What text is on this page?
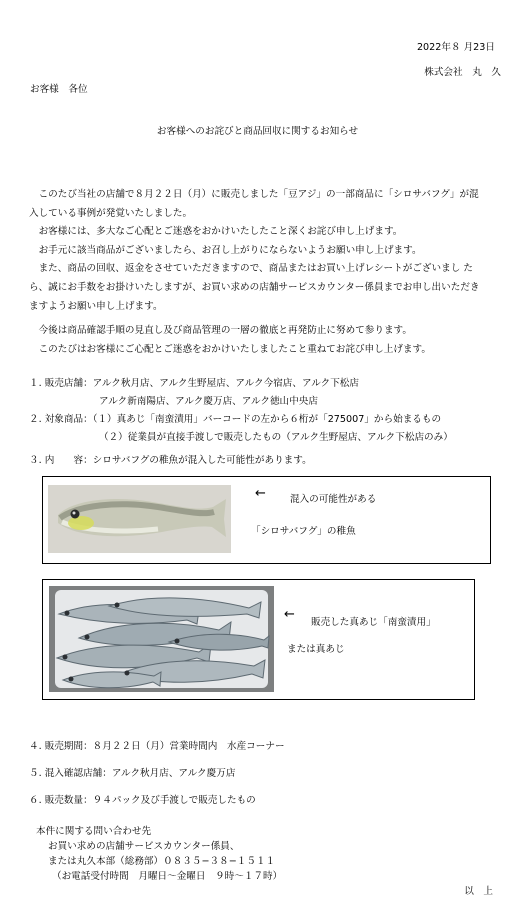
2022年８ 月23日
株式会社　丸　久
お客様　各位
お客様へのお詫びと商品回収に関するお知らせ

このたび当社の店舗で８月２２日（月）に販売しました「豆アジ」の一部商品に「シロサバフグ」が混

入している事例が発覚いたしました。

お客様には、多大なご心配とご迷惑をおかけいたしたこと深くお詫び申し上げます。

お手元に該当商品がございましたら、お召し上がりにならないようお願い申し上げます。

また、商品の回収、返金をさせていただきますので、商品またはお買い上げレシートがございまし た

ら、誠にお手数をお掛けいたしますが、お買い求めの店舗サービスカウンター係員までお申し出いただき

ますようお願い申し上げます。

今後は商品確認手順の見直し及び商品管理の一層の徹底と再発防止に努めて参ります。

このたびはお客様にご心配とご迷惑をおかけいたしましたこと重ねてお詫び申し上げます。

１. 販売店舗：アルク秋月店、アルク生野屋店、アルク今宿店、アルク下松店
アルク新南陽店、アルク慶万店、アルク徳山中央店
２. 対象商品：（１）真あじ「南蛮漬用」バーコードの左から６桁が「275007」から始まるもの
（２）従業員が直接手渡しで販売したもの（アルク生野屋店、アルク下松店のみ）
３. 内　　容：シロサバフグの稚魚が混入した可能性があります。
←	混入の可能性がある
「シロサバフグ」の稚魚
←
販売した真あじ「南蛮漬用」
または真あじ
４. 販売期間：８月２２日（月）営業時間内　水産コーナー
５. 混入確認店舗：アルク秋月店、アルク慶万店
６. 販売数量：９４パック及び手渡しで販売したもの
本件に関する問い合わせ先
お買い求めの店舗サービスカウンター係員、
または丸久本部（総務部）０８３５−３８−１５１１
（お電話受付時間　月曜日～金曜日　９時～１７時）
以　上
